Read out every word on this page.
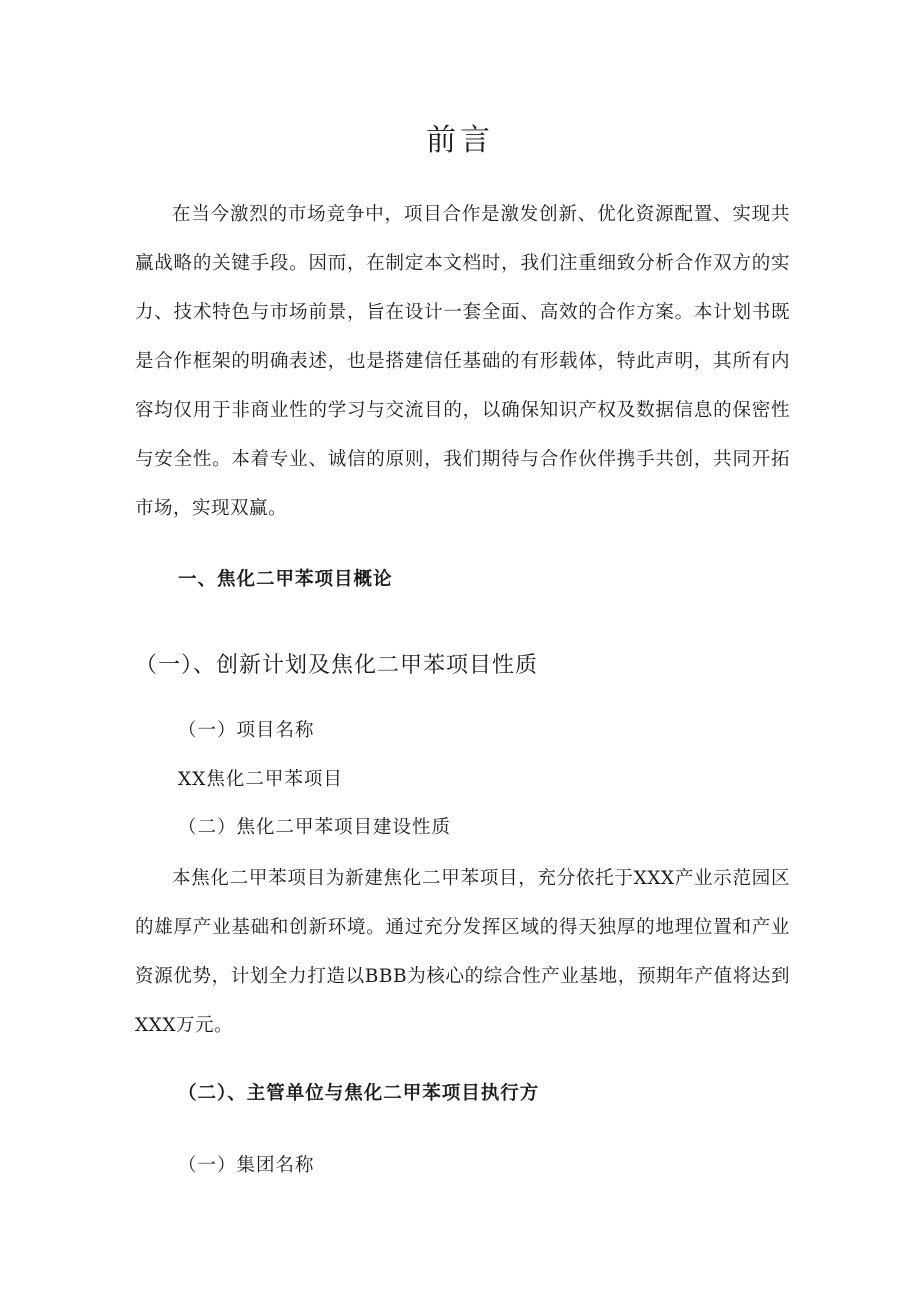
前言

在当今激烈的市场竞争中，项目合作是激发创新、优化资源配置、实现共赢战略的关键手段。因而，在制定本文档时，我们注重细致分析合作双方的实力、技术特色与市场前景，旨在设计一套全面、高效的合作方案。本计划书既是合作框架的明确表述，也是搭建信任基础的有形载体，特此声明，其所有内容均仅用于非商业性的学习与交流目的，以确保知识产权及数据信息的保密性与安全性。本着专业、诚信的原则，我们期待与合作伙伴携手共创，共同开拓市场，实现双赢。

一、焦化二甲苯项目概论
（一）、创新计划及焦化二甲苯项目性质

（一）项目名称

XX焦化二甲苯项目

（二）焦化二甲苯项目建设性质

本焦化二甲苯项目为新建焦化二甲苯项目，充分依托于XXX产业示范园区的雄厚产业基础和创新环境。通过充分发挥区域的得天独厚的地理位置和产业资源优势，计划全力打造以BBB为核心的综合性产业基地，预期年产值将达到XXX万元。

（二）、主管单位与焦化二甲苯项目执行方

（一）集团名称
